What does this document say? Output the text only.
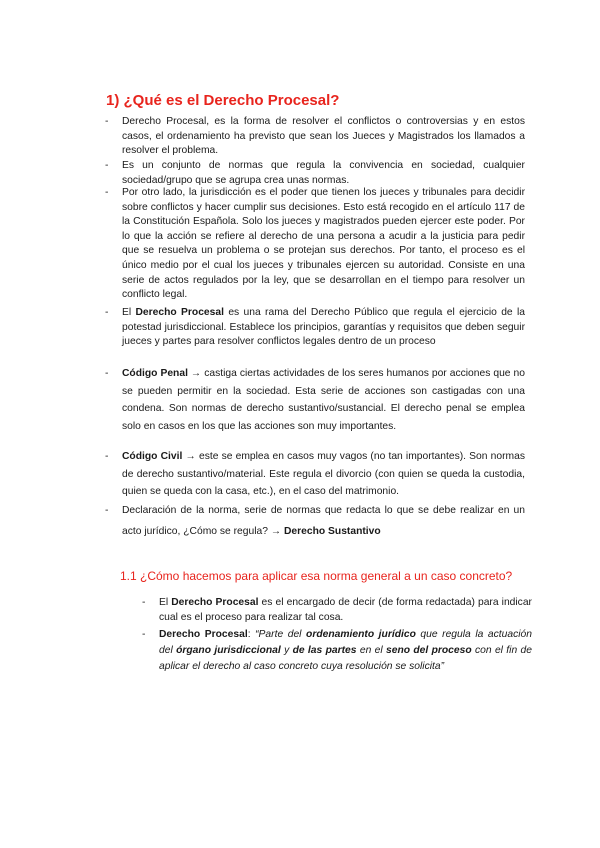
1) ¿Qué es el Derecho Procesal?
- Derecho Procesal, es la forma de resolver el conflictos o controversias y en estos casos, el ordenamiento ha previsto que sean los Jueces y Magistrados los llamados a resolver el problema.
- Es un conjunto de normas que regula la convivencia en sociedad, cualquier sociedad/grupo que se agrupa crea unas normas.
- Por otro lado, la jurisdicción es el poder que tienen los jueces y tribunales para decidir sobre conflictos y hacer cumplir sus decisiones. Esto está recogido en el artículo 117 de la Constitución Española. Solo los jueces y magistrados pueden ejercer este poder. Por lo que la acción se refiere al derecho de una persona a acudir a la justicia para pedir que se resuelva un problema o se protejan sus derechos. Por tanto, el proceso es el único medio por el cual los jueces y tribunales ejercen su autoridad. Consiste en una serie de actos regulados por la ley, que se desarrollan en el tiempo para resolver un conflicto legal.
- El Derecho Procesal es una rama del Derecho Público que regula el ejercicio de la potestad jurisdiccional. Establece los principios, garantías y requisitos que deben seguir jueces y partes para resolver conflictos legales dentro de un proceso
- Código Penal → castiga ciertas actividades de los seres humanos por acciones que no se pueden permitir en la sociedad. Esta serie de acciones son castigadas con una condena. Son normas de derecho sustantivo/sustancial. El derecho penal se emplea solo en casos en los que las acciones son muy importantes.
- Código Civil → este se emplea en casos muy vagos (no tan importantes). Son normas de derecho sustantivo/material. Este regula el divorcio (con quien se queda la custodia, quien se queda con la casa, etc.), en el caso del matrimonio.
- Declaración de la norma, serie de normas que redacta lo que se debe realizar en un acto jurídico, ¿Cómo se regula? → Derecho Sustantivo
1.1 ¿Cómo hacemos para aplicar esa norma general a un caso concreto?
- El Derecho Procesal es el encargado de decir (de forma redactada) para indicar cual es el proceso para realizar tal cosa.
- Derecho Procesal: “Parte del ordenamiento jurídico que regula la actuación del órgano jurisdiccional y de las partes en el seno del proceso con el fin de aplicar el derecho al caso concreto cuya resolución se solicita”
